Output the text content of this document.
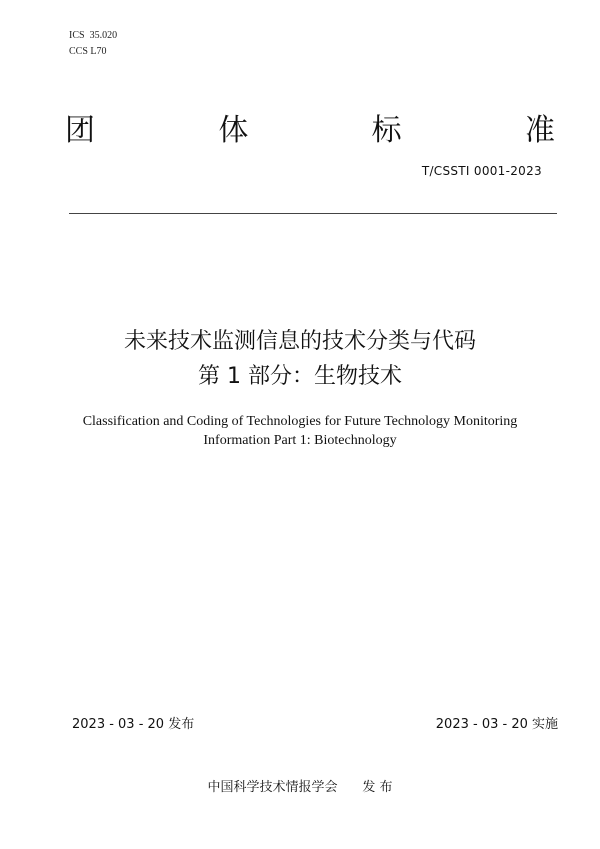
ICS 35.020
CCS L70
团	体	标	准
T/CSSTI 0001-2023
未来技术监测信息的技术分类与代码
第 1 部分：生物技术
Classification and Coding of Technologies for Future Technology Monitoring
Information Part 1: Biotechnology
2023 - 03 - 20 发布	2023 - 03 - 20 实施
中国科学技术情报学会 发 布
